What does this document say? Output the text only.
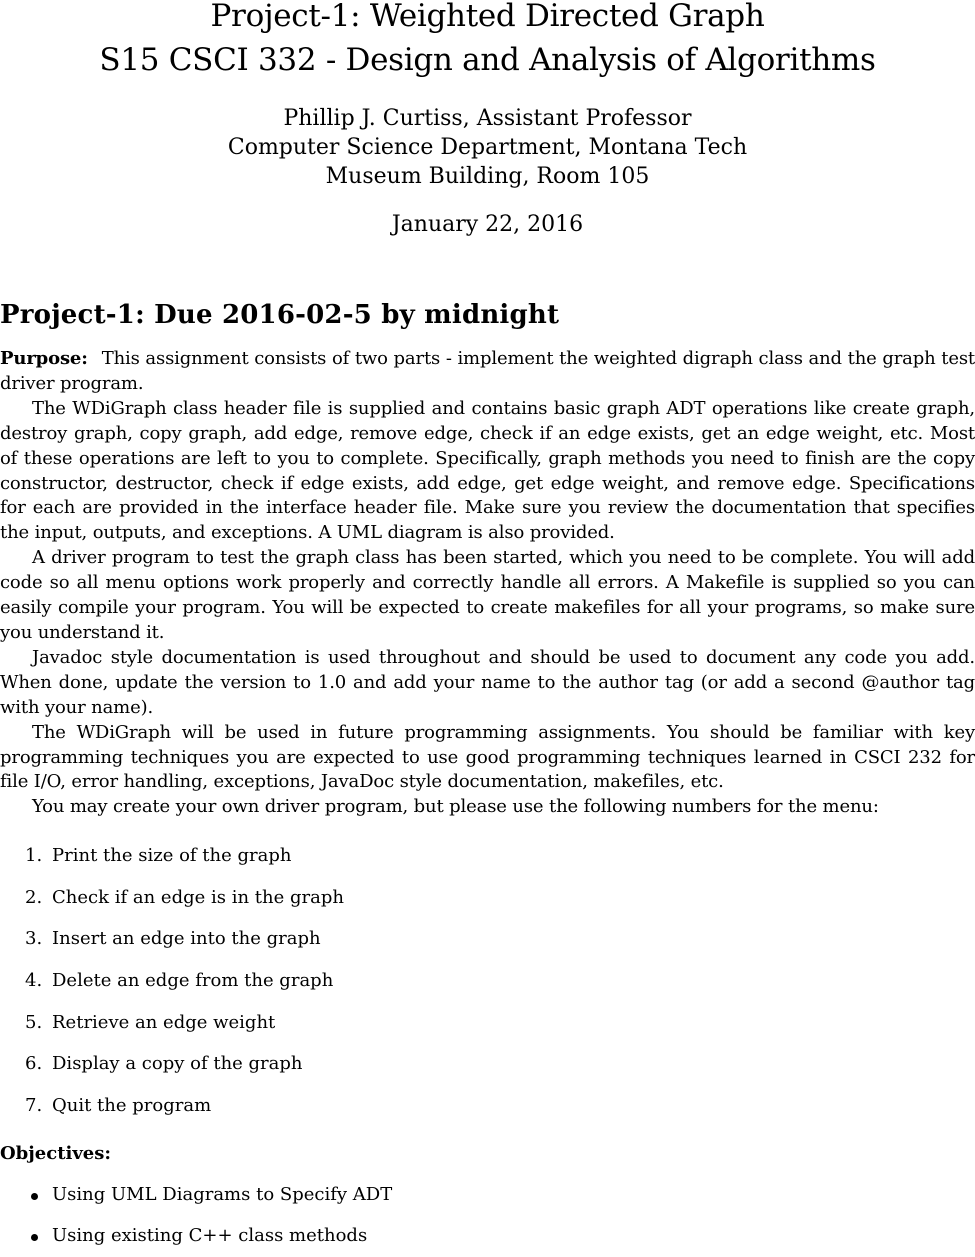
Project-1: Weighted Directed Graph

S15 CSCI 332 - Design and Analysis of Algorithms

Phillip J. Curtiss, Assistant Professor

Computer Science Department, Montana Tech

Museum Building, Room 105

January 22, 2016
Project-1: Due 2016-02-5 by midnight

Purpose: This assignment consists of two parts - implement the weighted digraph class and the graph test driver program.

The WDiGraph class header file is supplied and contains basic graph ADT operations like create graph, destroy graph, copy graph, add edge, remove edge, check if an edge exists, get an edge weight, etc. Most of these operations are left to you to complete. Specifically, graph methods you need to finish are the copy constructor, destructor, check if edge exists, add edge, get edge weight, and remove edge. Specifications for each are provided in the interface header file. Make sure you review the documentation that specifies the input, outputs, and exceptions. A UML diagram is also provided.

A driver program to test the graph class has been started, which you need to be complete. You will add code so all menu options work properly and correctly handle all errors. A Makefile is supplied so you can easily compile your program. You will be expected to create makefiles for all your programs, so make sure you understand it.

Javadoc style documentation is used throughout and should be used to document any code you add. When done, update the version to 1.0 and add your name to the author tag (or add a second @author tag with your name).

The WDiGraph will be used in future programming assignments. You should be familiar with key programming techniques you are expected to use good programming techniques learned in CSCI 232 for file I/O, error handling, exceptions, JavaDoc style documentation, makefiles, etc.

You may create your own driver program, but please use the following numbers for the menu:

1. Print the size of the graph
2. Check if an edge is in the graph
3. Insert an edge into the graph
4. Delete an edge from the graph
5. Retrieve an edge weight
6. Display a copy of the graph
7. Quit the program

Objectives:

Using UML Diagrams to Specify ADT
Using existing C++ class methods
